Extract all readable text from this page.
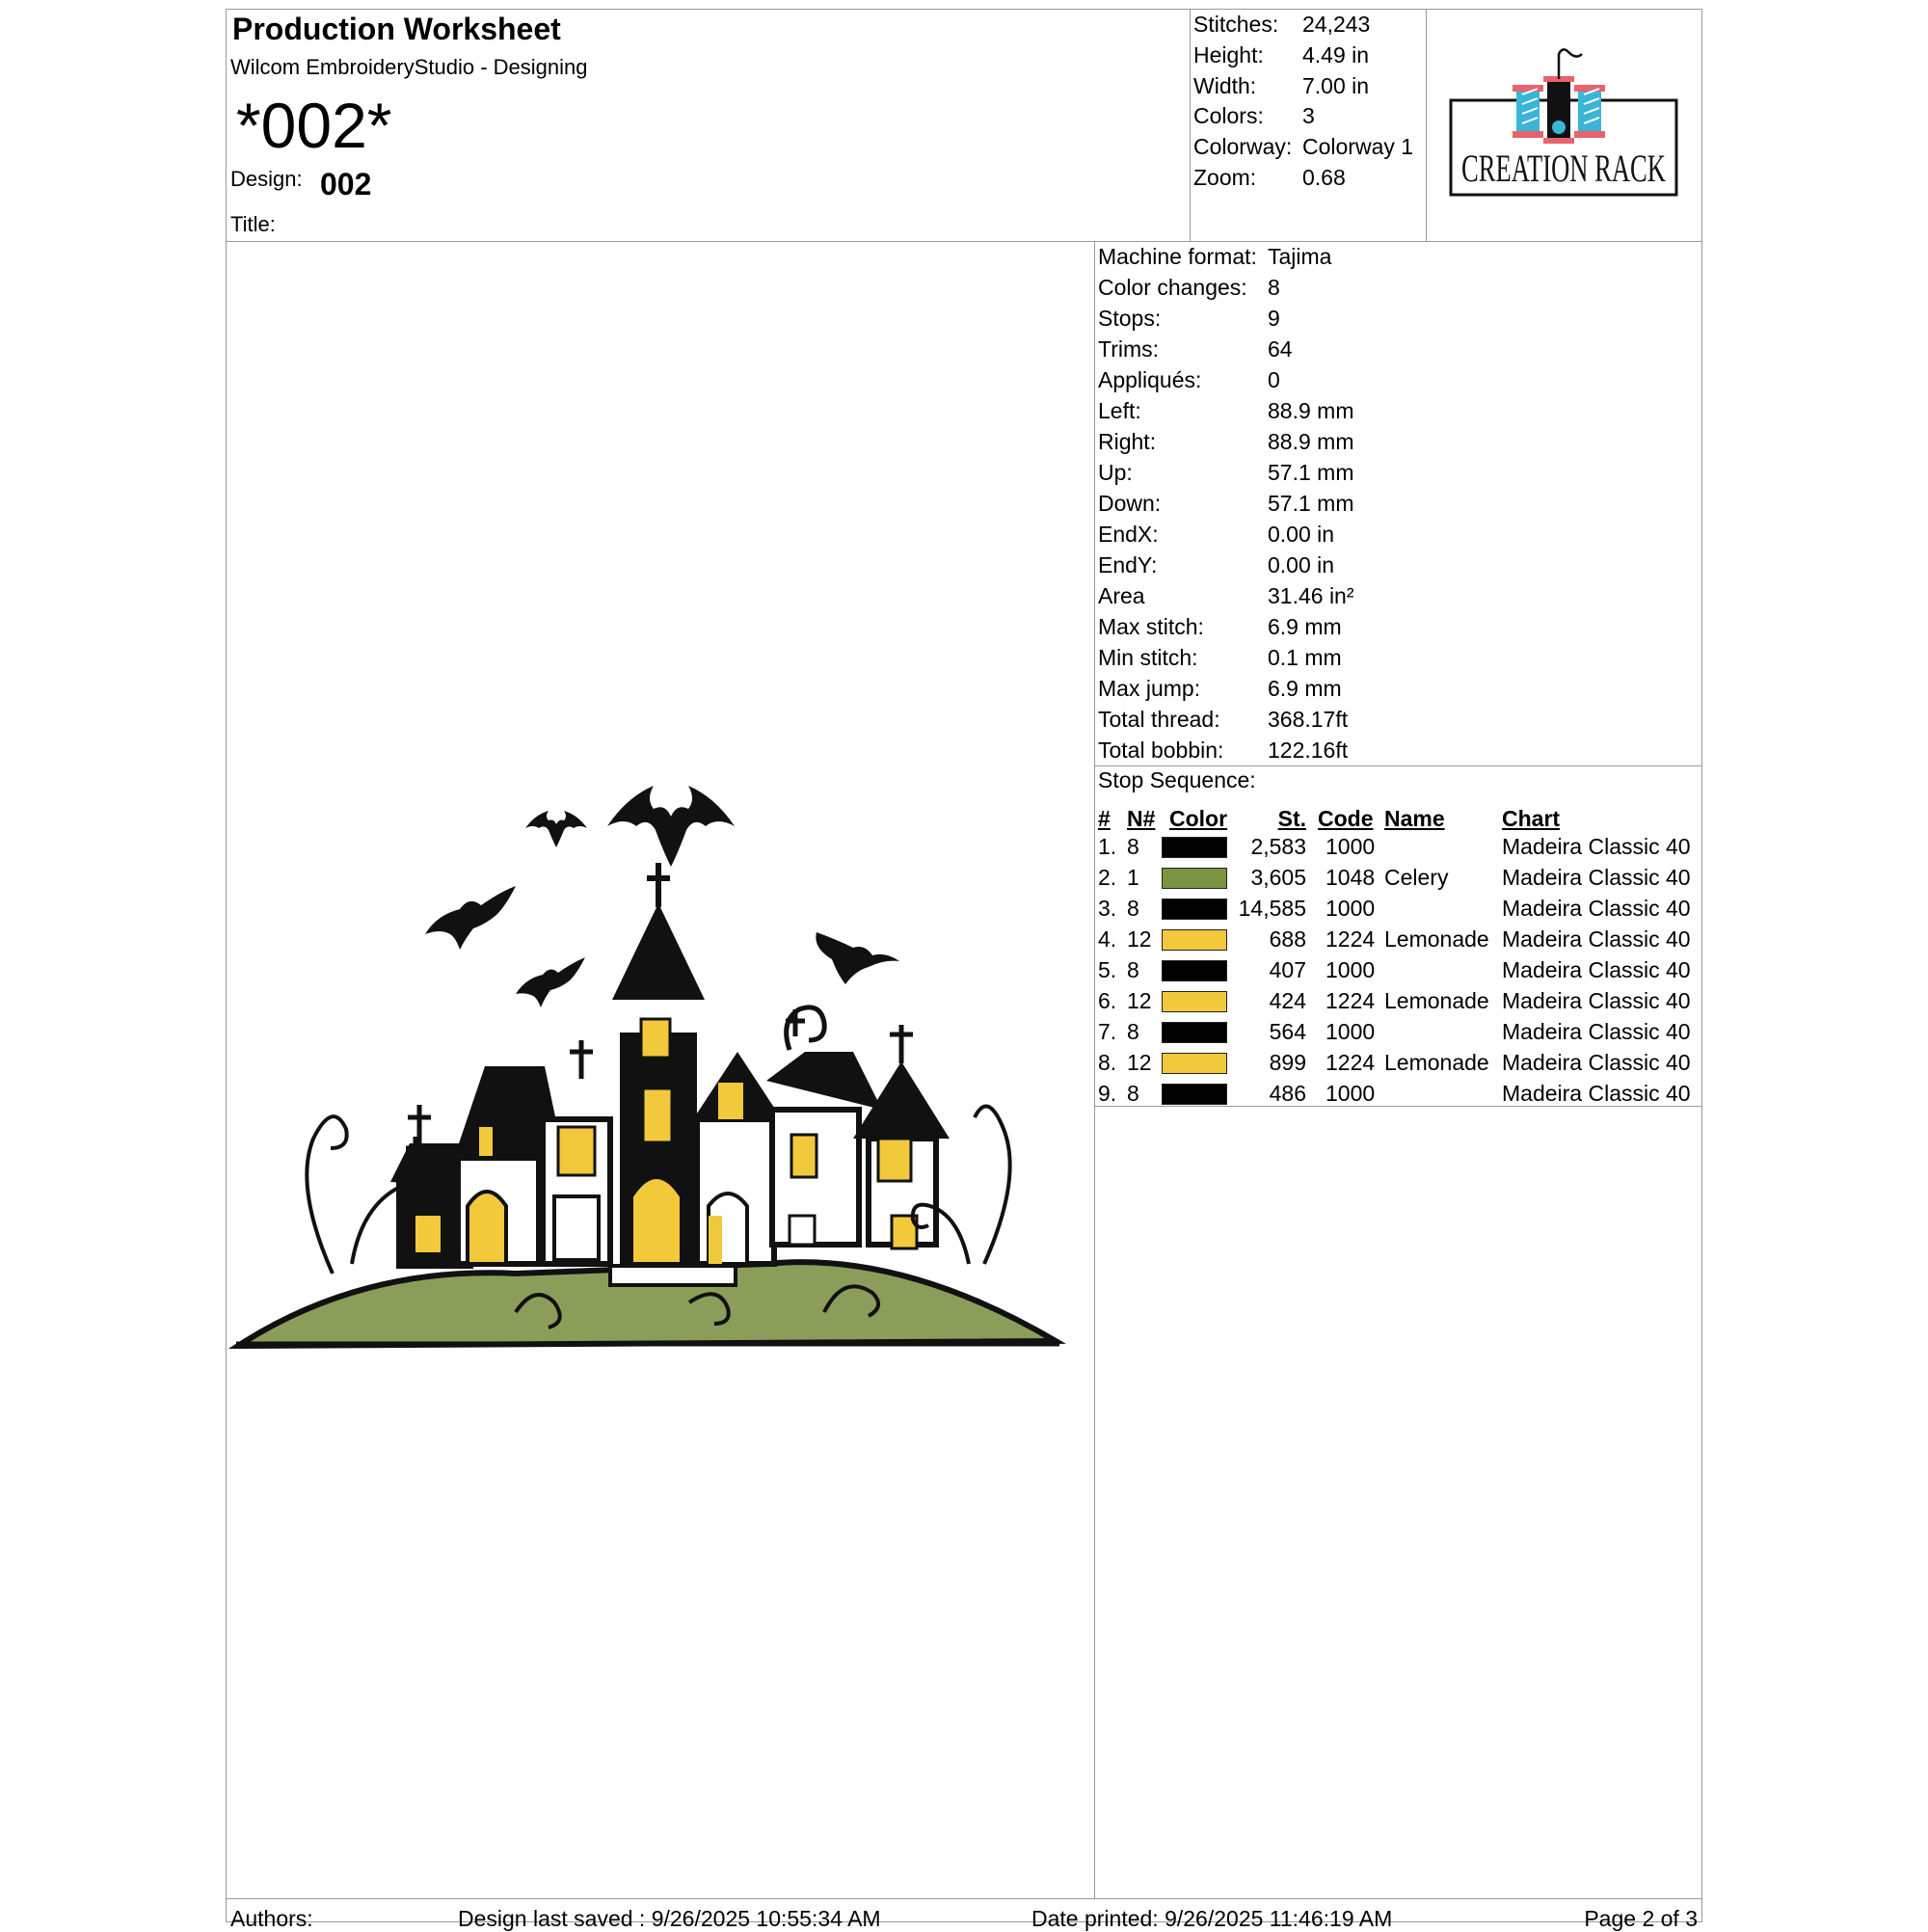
Production Worksheet
Wilcom EmbroideryStudio - Designing
*002*
Design: 002
Title:
Stitches: 24,243
Height: 4.49 in
Width: 7.00 in
Colors: 3
Colorway: Colorway 1
Zoom: 0.68	CREATION RACK
Machine format: Tajima
Color changes: 8
Stops:	9
Trims:	64
Appliqués:	0
Left:	88.9 mm
Right:	88.9 mm
Up:	57.1 mm
Down:	57.1 mm
EndX:	0.00 in
EndY:	0.00 in
Area	31.46 in²
Max stitch:	6.9 mm
Min stitch:	0.1 mm
Max jump:	6.9 mm
Total thread: 368.17ft
Total bobbin: 122.16ft
Stop Sequence:
# N# Color St. Code Name	Chart
1. 8	2,583 1000	Madeira Classic 40
2. 1	3,605 1048 Celery Madeira Classic 40
3. 8	14,585 1000	Madeira Classic 40
4. 12	688 1224 Lemonade Madeira Classic 40
5. 8	407 1000	Madeira Classic 40
6. 12	424 1224 Lemonade Madeira Classic 40
7. 8	564 1000	Madeira Classic 40
8. 12	899 1224 Lemonade Madeira Classic 40
9. 8	486 1000	Madeira Classic 40
Authors:	Design last saved : 9/26/2025 10:55:34 AM	Date printed: 9/26/2025 11:46:19 AM	Page 2 of 3
